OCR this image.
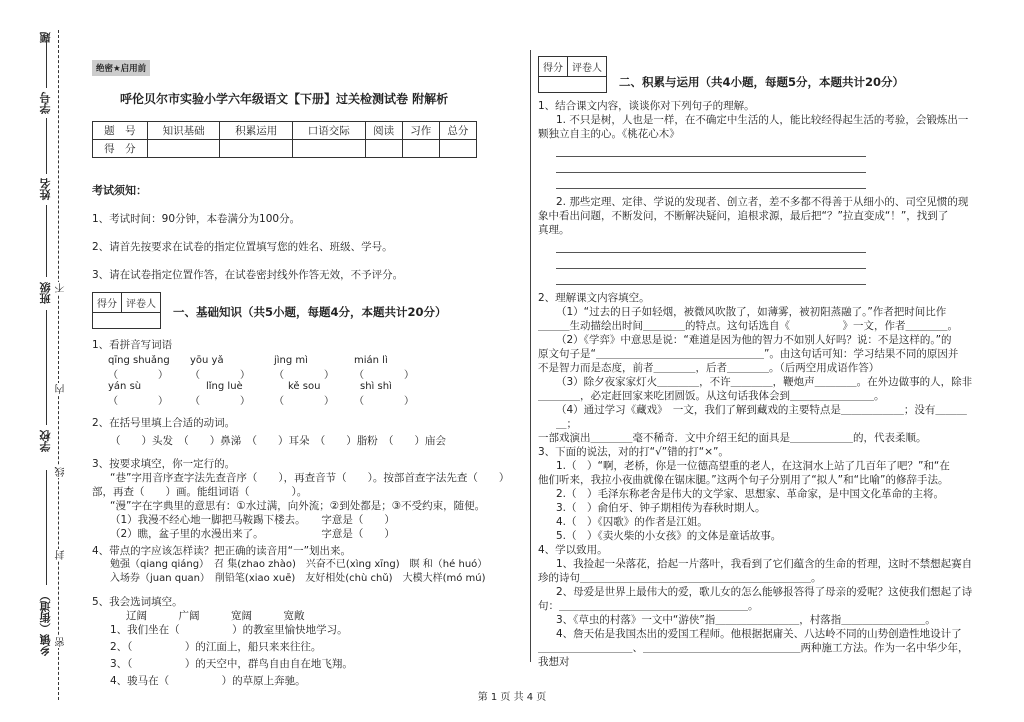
题
学号
姓名
班级 不
内
学校
线
封
乡镇（街道） 密
绝密★启用前
呼伦贝尔市实验小学六年级语文【下册】过关检测试卷 附解析
题　号	知识基础	积累运用	口语交际	阅读	习作	总分
得　分						
考试须知：
1、考试时间：90分钟，本卷满分为100分。
2、请首先按要求在试卷的指定位置填写您的姓名、班级、学号。
3、请在试卷指定位置作答，在试卷密封线外作答无效，不予评分。
得分 评卷人
一、基础知识（共5小题，每题4分，本题共计20分）
1、看拼音写词语
qīng shuǎng	yōu yǎ	jìng mì	mián lì
（　　　　）	（　　　　）	（　　　　）	（　　　　）
yán sù	lǐng luè	kě sou	shì shì
（　　　　）	（　　　　）	（　　　　）	（　　　　）
2、在括号里填上合适的动词。
（　　）头发　（　　）鼻涕　（　　）耳朵　（　　）脂粉　（　　）庙会
3、按要求填空，你一定行的。
“巷”字用音序查字法先查音序（　　），再查音节（　　）。按部首查字法先查（　　）
部，再查（　　）画。能组词语（　　　　）。
“漫”字在字典里的意思有：①水过满，向外流；②到处都是；③不受约束，随便。
（1）我漫不经心地一脚把马鞍踢下楼去。　　字意是（　　）
（2）瞧，盆子里的水漫出来了。　　　　　　字意是（　　）
4、带点的字应该怎样读？把正确的读音用“一”划出来。
勉强（qiang qiáng）　召 集(zhao zhào)　兴奋不已(xìng xīng)　瞑 和（hé huó）
入场券（juan quan）　削铅笔(xiao xuē)　友好相处(chù chǔ)　大模大样(mó mú)
5、我会选词填空。
辽阔　　　广阔　　　宽阔　　　宽敞
1、我们坐在（　　　　　）的教室里愉快地学习。
2、（　　　　　）的江面上，船只来来往往。
3、（　　　　　）的天空中，群鸟自由自在地飞翔。
4、骏马在（　　　　　）的草原上奔驰。
得分 评卷人
二、积累与运用（共4小题，每题5分，本题共计20分）
1、结合课文内容，谈谈你对下列句子的理解。
1. 不只是树，人也是一样，在不确定中生活的人，能比较经得起生活的考验，会锻炼出一
颗独立自主的心。《桃花心木》
2. 那些定理、定律、学说的发现者、创立者，差不多都不得善于从细小的、司空见惯的现
象中看出问题，不断发问，不断解决疑问，追根求源，最后把“？”拉直变成“！”，找到了
真理。
2、理解课文内容填空。
（1）“过去的日子如轻烟，被微风吹散了，如薄雾，被初阳蒸融了。”作者把时间比作
＿＿＿生动描绘出时间＿＿＿＿的特点。这句话选自《　　　　　》一文，作者＿＿＿＿。
（2）《学弈》中意思是说：“难道是因为他的智力不如别人好吗？说：不是这样的。”的
原文句子是“＿＿＿＿＿＿＿＿＿＿＿＿＿＿＿＿”。由这句话可知：学习结果不同的原因并
不是智力而是态度，前者＿＿＿＿，后者＿＿＿＿。（后两空用成语作答）
（3）除夕夜家家灯火＿＿＿＿，不许＿＿＿＿，鞭炮声＿＿＿＿。在外边做事的人，除非
＿＿＿＿，必定赶回家来吃团圆饭。从这句话我体会到＿＿＿＿＿＿＿＿。
（4）通过学习《藏戏》　一文，我们了解到藏戏的主要特点是＿＿＿＿＿＿；没有＿＿＿＿；
一部戏演出＿＿＿＿毫不稀奇．文中介绍王纪的面具是＿＿＿＿＿＿的，代表柔顺。
3、下面的说法，对的打“√”错的打“×”。
1.（　）“啊，老桥，你是一位德高望重的老人，在这洞水上站了几百年了吧？”和“在
他们听来，我拉小夜曲就像在锯床腿。”这两个句子分别用了“拟人”和“比喻”的修辞手法。
2.（　）毛泽东称老舍是伟大的文学家、思想家、革命家，是中国文化革命的主将。
3.（　）俞伯牙、钟子期相传为春秋时期人。
4.（　）《囚歌》的作者是江姐。
5.（　）《卖火柴的小女孩》的文体是童话故事。
4、学以致用。
1、我捡起一朵落花，拾起一片落叶，我看到了它们蕴含的生命的哲理，这时不禁想起赛自
珍的诗句＿＿＿＿＿＿＿＿＿＿＿＿＿＿＿＿＿＿＿＿＿＿。
2、母爱是世界上最伟大的爱，歌儿女的怎么能够报答得了母亲的爱呢？这使我们想起了诗
句：＿＿＿＿＿＿＿＿＿＿＿＿＿＿＿＿＿＿。
3、《草虫的村落》一文中“游侠”指＿＿＿＿＿＿＿＿，村落指＿＿＿＿＿＿＿＿。
4、詹天佑是我国杰出的爱国工程师。他根据据庸关、八达岭不同的山势创造性地设计了
＿＿＿＿＿＿＿＿＿、＿＿＿＿＿＿＿＿＿＿＿＿＿＿＿两种施工方法。作为一名中华少年，我想对
第 1 页 共 4 页
